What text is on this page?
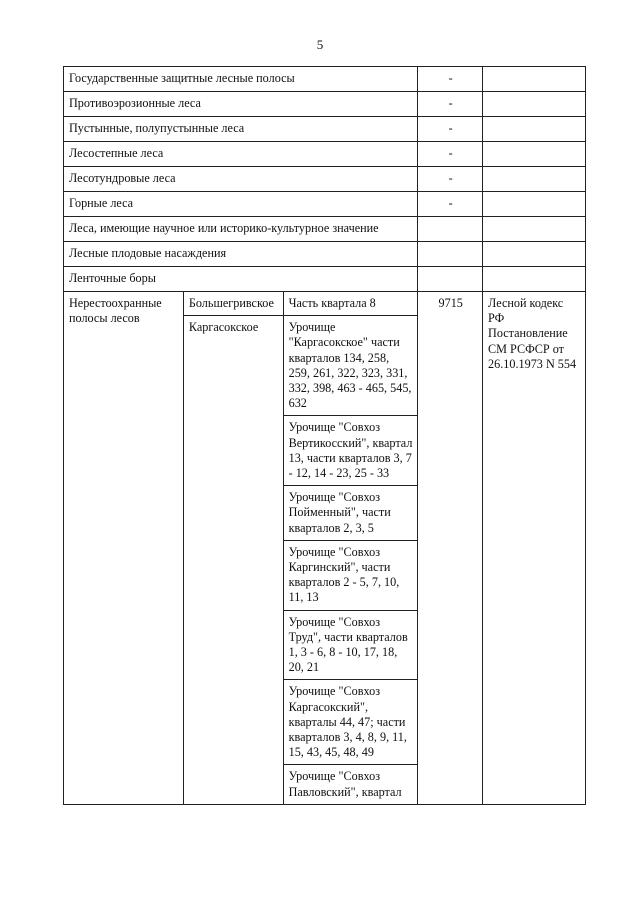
5
Государственные защитные лесные полосы			-	
Противоэрозионные леса			-	
Пустынные, полупустынные леса			-	
Лесостепные леса			-	
Лесотундровые леса			-	
Горные леса			-	
Леса, имеющие научное или историко-культурное значение				
Лесные плодовые насаждения				
Ленточные боры				
Нерестоохранные полосы лесов	Большегривское	Часть квартала 8	9715	Лесной кодекс РФ Постановление СМ РСФСР от 26.10.1973 N 554
	Каргасокское	Урочище "Каргасокское" части кварталов 134, 258, 259, 261, 322, 323, 331, 332, 398, 463 - 465, 545, 632		
		Урочище "Совхоз Вертикосский", квартал 13, части кварталов 3, 7 - 12, 14 - 23, 25 - 33		
		Урочище "Совхоз Пойменный", части кварталов 2, 3, 5		
		Урочище "Совхоз Каргинский", части кварталов 2 - 5, 7, 10, 11, 13		
		Урочище "Совхоз Труд", части кварталов 1, 3 - 6, 8 - 10, 17, 18, 20, 21		
		Урочище "Совхоз Каргасокский", кварталы 44, 47; части кварталов 3, 4, 8, 9, 11, 15, 43, 45, 48, 49		
		Урочище "Совхоз Павловский", квартал		
